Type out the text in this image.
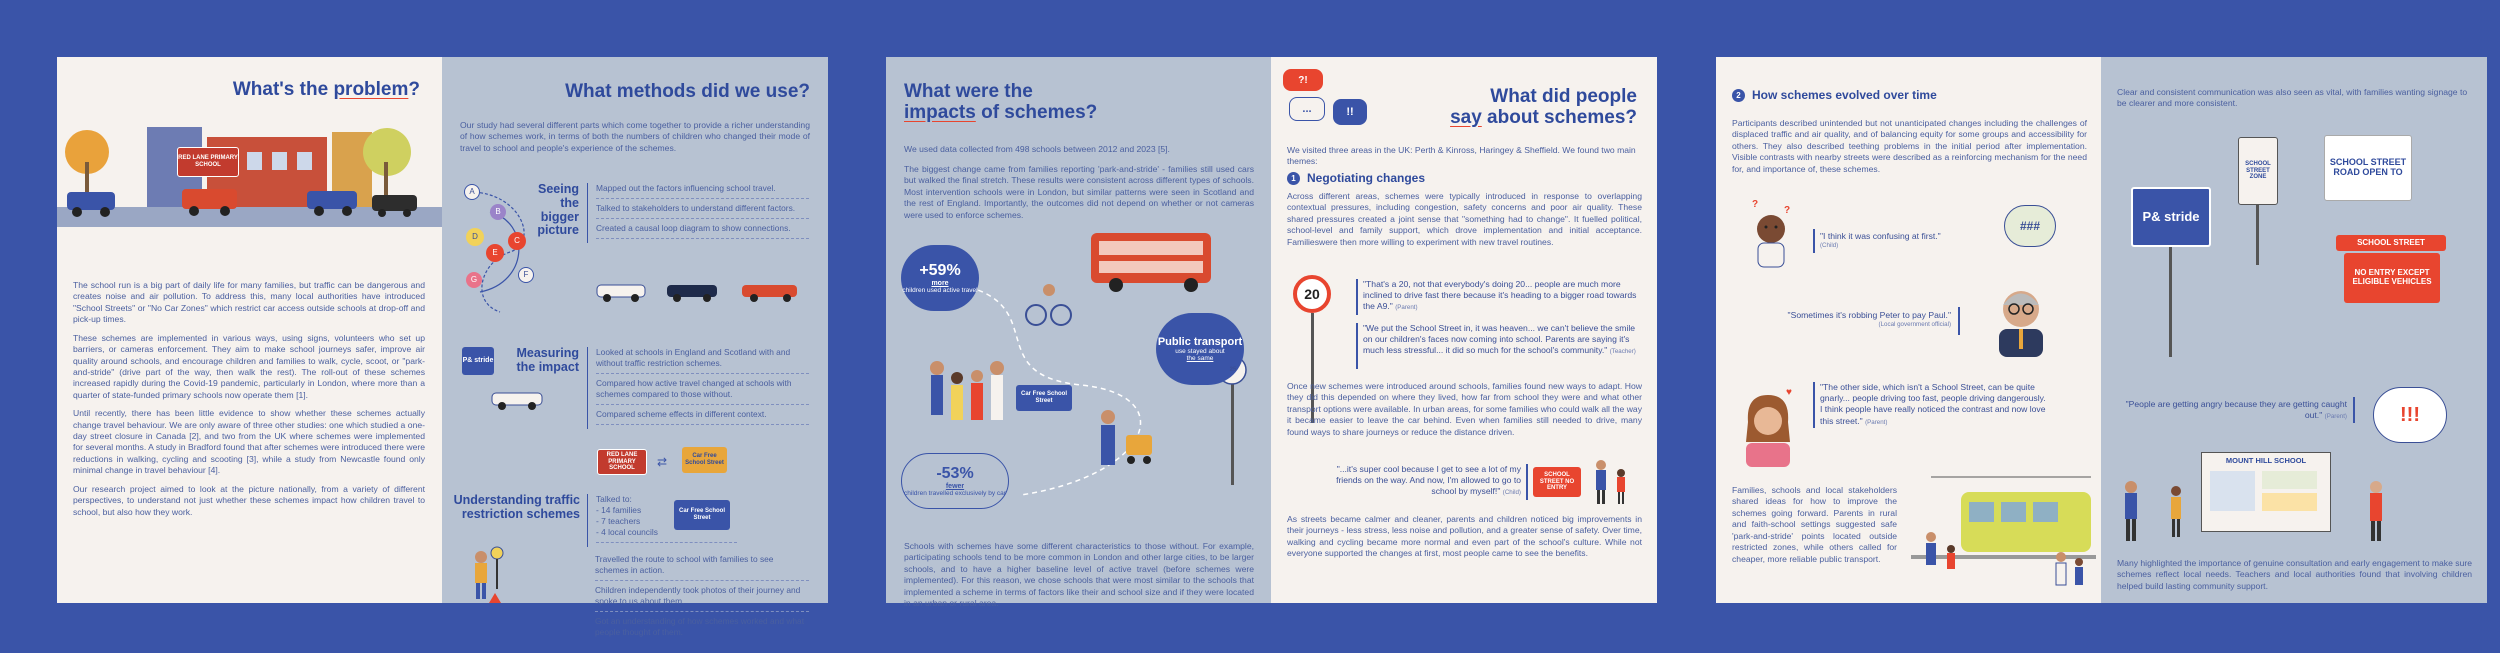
What's the problem?
RED LANE PRIMARY SCHOOL

The school run is a big part of daily life for many families, but traffic can be dangerous and creates noise and air pollution. To address this, many local authorities have introduced "School Streets" or "No Car Zones" which restrict car access outside schools at drop-off and pick-up times.

These schemes are implemented in various ways, using signs, volunteers who set up barriers, or cameras enforcement. They aim to make school journeys safer, improve air quality around schools, and encourage children and families to walk, cycle, scoot, or "park-and-stride" (drive part of the way, then walk the rest). The roll-out of these schemes increased rapidly during the Covid-19 pandemic, particularly in London, where more than a quarter of state-funded primary schools now operate them [1].

Until recently, there has been little evidence to show whether these schemes actually change travel behaviour. We are only aware of three other studies: one which studied a one-day street closure in Canada [2], and two from the UK where schemes were implemented for several months. A study in Bradford found that after schemes were introduced there were reductions in walking, cycling and scooting [3], while a study from Newcastle found only minimal change in travel behaviour [4].

Our research project aimed to look at the picture nationally, from a variety of different perspectives, to understand not just whether these schemes impact how children travel to school, but also how they work.

What methods did we use?
Our study had several different parts which come together to provide a richer understanding of how schemes work, in terms of both the numbers of children who changed their mode of travel to school and people's experience of the schemes.
A
B
C
D
E
F
G
Seeing the bigger picture
Mapped out the factors influencing school travel.
Talked to stakeholders to understand different factors.
Created a causal loop diagram to show connections.
P& stride
Measuring the impact
Looked at schools in England and Scotland with and without traffic restriction schemes.
Compared how active travel changed at schools with schemes compared to those without.
Compared scheme effects in different context.
RED LANE PRIMARY SCHOOL	⇄	Car Free School Street
Understanding traffic restriction schemes
Talked to:
- 14 families
- 7 teachers
- 4 local councils
Car Free School Street
Travelled the route to school with families to see schemes in action.
Children independently took photos of their journey and spoke to us about them.
Got an understanding of how schemes worked and what people thought of them.
What were the impacts of schemes?
We used data collected from 498 schools between 2012 and 2023 [5].
The biggest change came from families reporting 'park-and-stride' - families still used cars but walked the final stretch. These results were consistent across different types of schools. Most intervention schools were in London, but similar patterns were seen in Scotland and the rest of England. Importantly, the outcomes did not depend on whether or not cameras were used to enforce schemes.
+59%
more
children used active travel
Public transport
use stayed about
the same
Car Free School Street
25
-53%
fewer
children travelled exclusively by car
Schools with schemes have some different characteristics to those without. For example, participating schools tend to be more common in London and other large cities, to be larger schools, and to have a higher baseline level of active travel (before schemes were implemented). For this reason, we chose schools that were most similar to the schools that implemented a scheme in terms of factors like their and school size and if they were located in an urban or rural area.
?!
...	!!
What did people
say about schemes?
We visited three areas in the UK: Perth & Kinross, Haringey & Sheffield. We found two main themes:
1 Negotiating changes
Across different areas, schemes were typically introduced in response to overlapping contextual pressures, including congestion, safety concerns and poor air quality. These shared pressures created a joint sense that "something had to change". It fuelled political, school-level and family support, which drove implementation and initial acceptance. Familieswere then more willing to experiment with new travel routines.
20
"That's a 20, not that everybody's doing 20... people are much more inclined to drive fast there because it's heading to a bigger road towards the A9." (Parent)
"We put the School Street in, it was heaven... we can't believe the smile on our children's faces now coming into school. Parents are saying it's much less stressful... it did so much for the school's community." (Teacher)
Once new schemes were introduced around schools, families found new ways to adapt. How they did this depended on where they lived, how far from school they were and what other transport options were available. In urban areas, for some families who could walk all the way it became easier to leave the car behind. Even when families still needed to drive, many found ways to share journeys or reduce the distance driven.
"...it's super cool because I get to see a lot of my friends on the way. And now, I'm allowed to go to school by myself!" (Child)
SCHOOL STREET NO ENTRY
As streets became calmer and cleaner, parents and children noticed big improvements in their journeys - less stress, less noise and pollution, and a greater sense of safety. Over time, walking and cycling became more normal and even part of the school's culture. While not everyone supported the changes at first, most people came to see the benefits.
2 How schemes evolved over time
Participants described unintended but not unanticipated changes including the challenges of displaced traffic and air quality, and of balancing equity for some groups and accessibility for others. They also described teething problems in the initial period after implementation. Visible contrasts with nearby streets were described as a reinforcing mechanism for the need for, and importance of, these schemes.
?
?
"I think it was confusing at first."
(Child)
###
"Sometimes it's robbing Peter to pay Paul."
(Local government official)
♥	"The other side, which isn't a School Street, can be quite gnarly... people driving too fast, people driving dangerously. I think people have really noticed the contrast and now love this street." (Parent)
Families, schools and local stakeholders shared ideas for how to improve the schemes going forward. Parents in rural and faith-school settings suggested safe 'park-and-stride' points located outside restricted zones, while others called for cheaper, more reliable public transport.
Clear and consistent communication was also seen as vital, with families wanting signage to be clearer and more consistent.
P& stride
SCHOOL STREET ZONE
SCHOOL STREET ROAD OPEN TO
SCHOOL STREET
NO ENTRY EXCEPT ELIGIBLE VEHICLES
"People are getting angry because they are getting caught out." (Parent)	!!!
MOUNT HILL SCHOOL
Many highlighted the importance of genuine consultation and early engagement to make sure schemes reflect local needs. Teachers and local authorities found that involving children helped build lasting community support.
